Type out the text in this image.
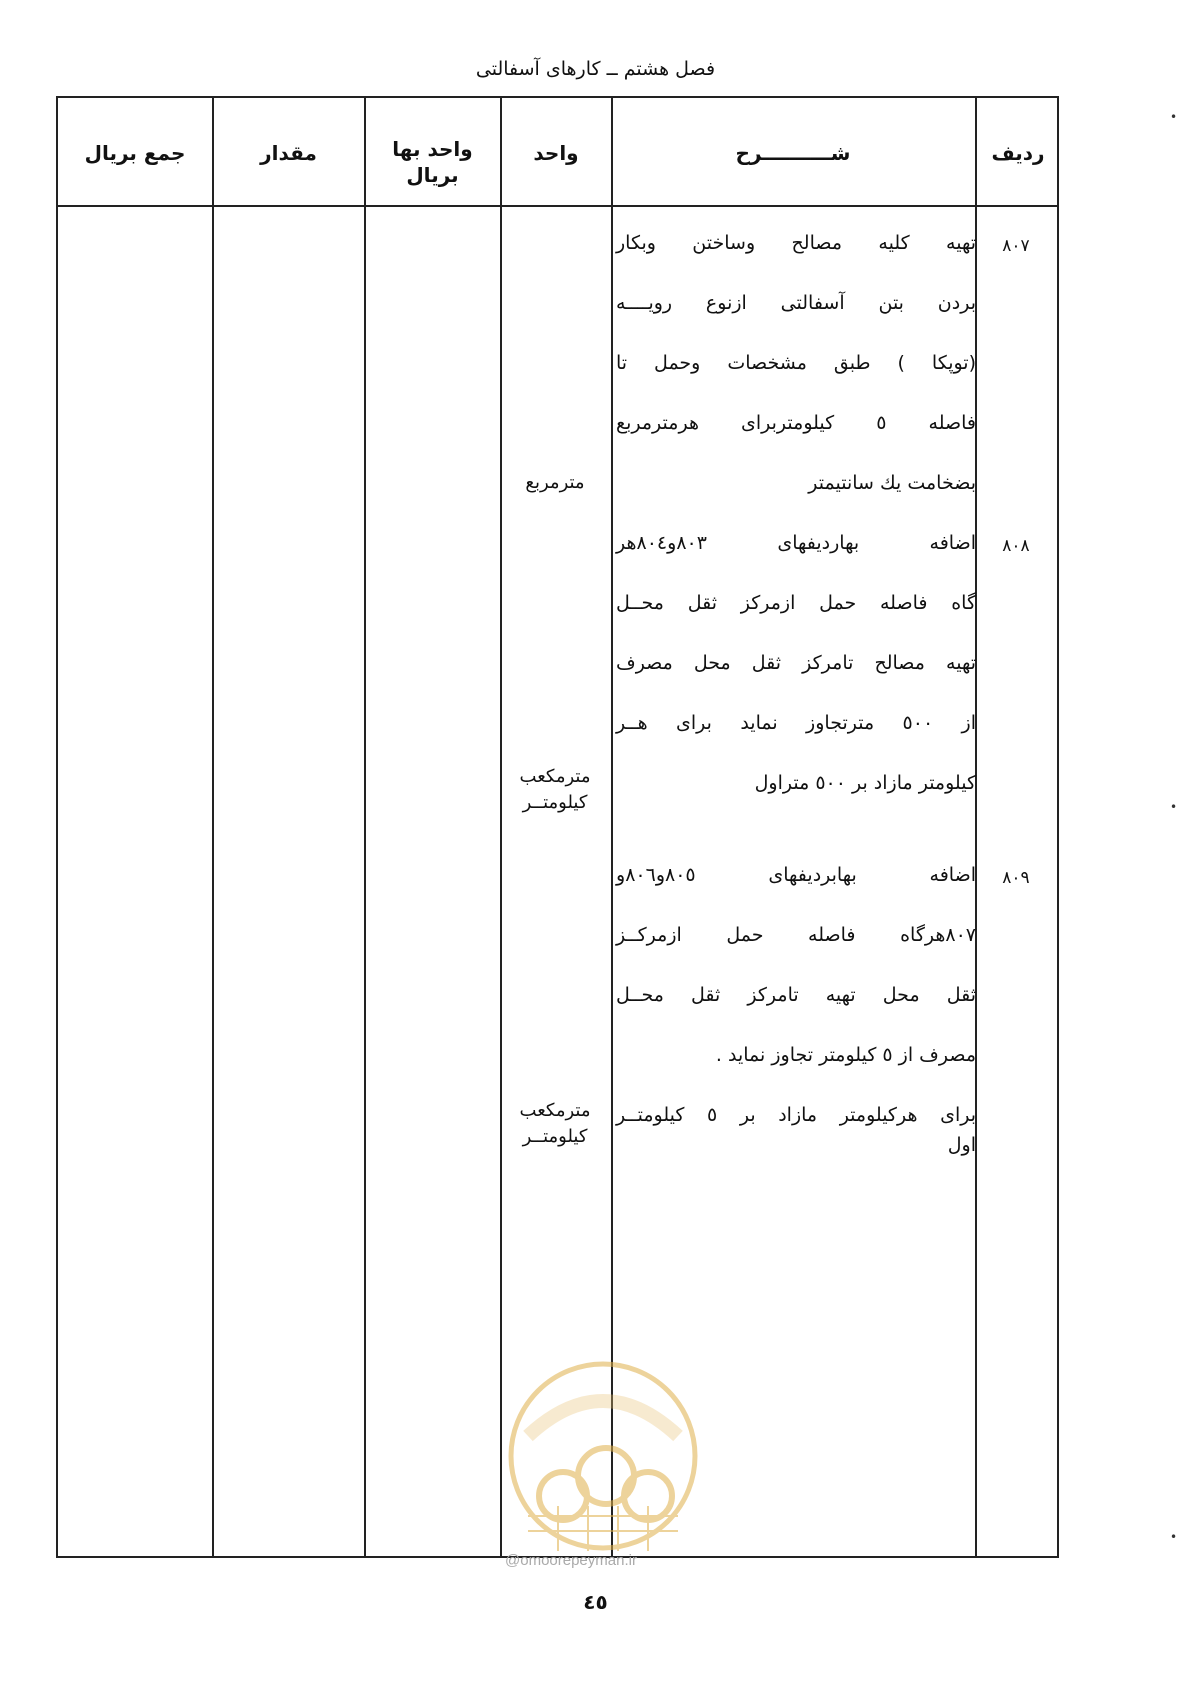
فصل هشتم ــ کارهای آسفالتی
ردیف
شــــــــــرح
واحد
واحد بها
بریال
مقدار
جمع بریال
۸۰۷
تهیه کلیه مصالح وساختن وبکار
بردن بتن آسفالتی ازنوع رویــــه
(توپکا ) طبق مشخصات وحمل تا
فاصله ٥ کیلومتربرای هرمترمربع
بضخامت یك سانتیمتر
مترمربع
۸۰۸
اضافه بهاردیفهای ۸۰۳و۸۰٤هر
گاه فاصله حمل ازمرکز ثقل محــل
تهیه مصالح تامرکز ثقل محل مصرف
از ٥۰۰ مترتجاوز نماید برای هــر
کیلومتر مازاد بر ٥۰۰ متراول
مترمکعب
کیلومتــر
۸۰۹
اضافه بهابردیفهای ۸۰٥و۸۰٦و
۸۰۷هرگاه فاصله حمل ازمرکــز
ثقل محل تهیه تامرکز ثقل محــل
مصرف از ٥ کیلومتر تجاوز نماید .
برای هرکیلومتر مازاد بر ٥ کیلومتــر
اول
مترمکعب
کیلومتــر
@omoorepeyman.ir
٤٥
•
•
•
